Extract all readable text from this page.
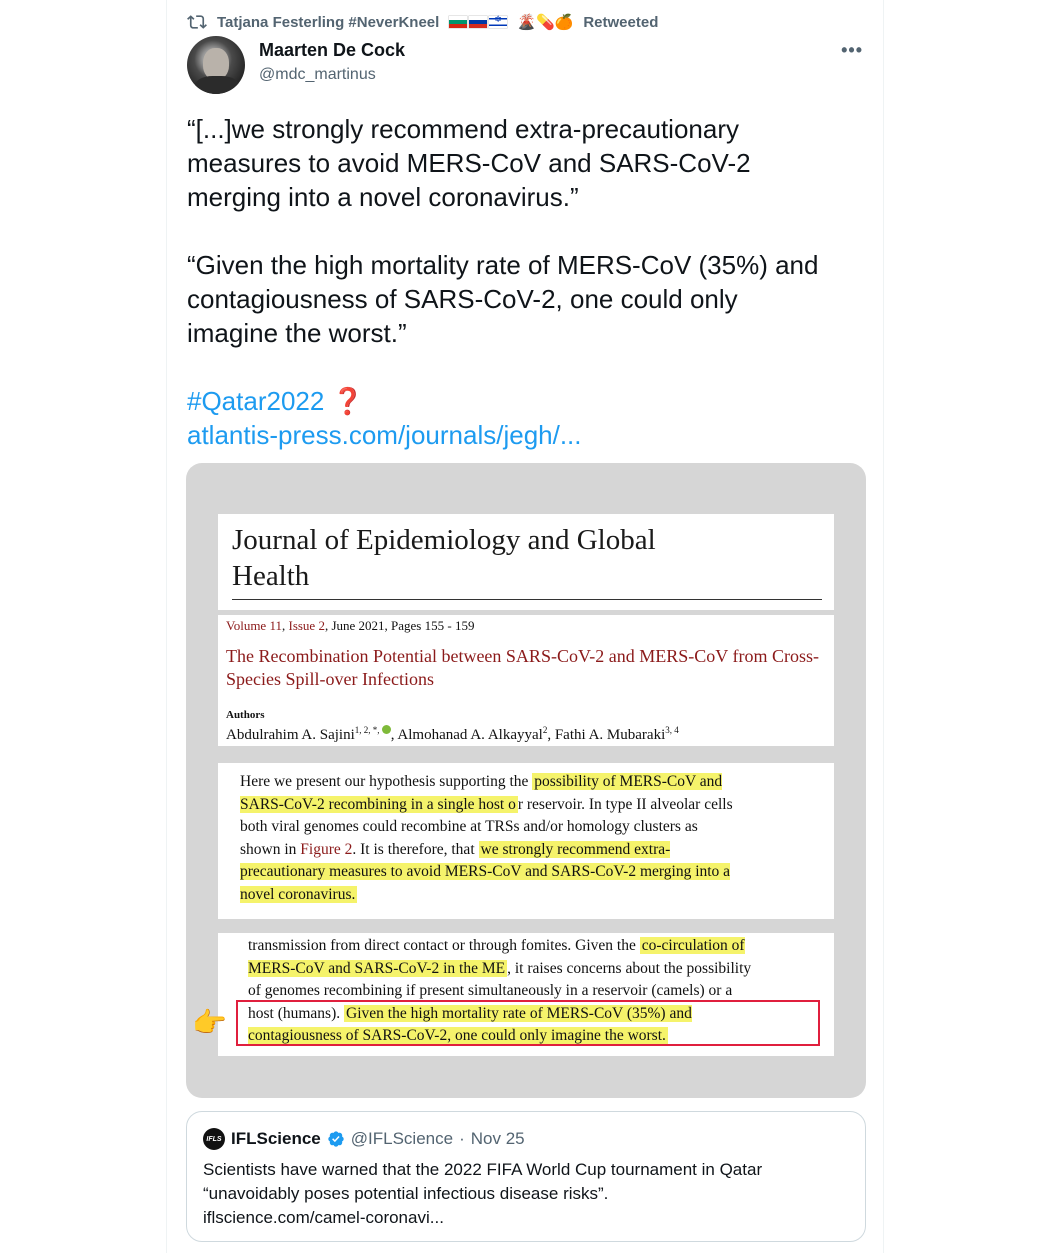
Tatjana Festerling #NeverKneel
✡	🌋💊🍊 Retweeted
Maarten De Cock
@mdc_martinus
•••

“[...]we strongly recommend extra-precautionary
measures to avoid MERS-CoV and SARS-CoV-2
merging into a novel coronavirus.”

“Given the high mortality rate of MERS-CoV (35%) and
contagiousness of SARS-CoV-2, one could only
imagine the worst.”

#Qatar2022 ❓
atlantis-press.com/journals/jegh/...
Journal of Epidemiology and Global
Health
Volume 11, Issue 2, June 2021, Pages 155 - 159
The Recombination Potential between SARS-CoV-2 and MERS-CoV from Cross-Species Spill-over Infections
Authors
Abdulrahim A. Sajini$^{1, 2, *,}$ , Almohanad A. Alkayyal$^2$, Fathi A. Mubaraki$^{3, 4}$
Here we present our hypothesis supporting the possibility of MERS-CoV and
SARS-CoV-2 recombining in a single host o r reservoir. In type II alveolar cells
both viral genomes could recombine at TRSs and/or homology clusters as
shown in Figure 2. It is therefore, that we strongly recommend extra-
precautionary measures to avoid MERS-CoV and SARS-CoV-2 merging into a
novel coronavirus.
transmission from direct contact or through fomites. Given the co-circulation of
MERS-CoV and SARS-CoV-2 in the ME , it raises concerns about the possibility
of genomes recombining if present simultaneously in a reservoir (camels) or a
host (humans). Given the high mortality rate of MERS-CoV (35%) and
contagiousness of SARS-CoV-2, one could only imagine the worst.
👉
IFLS IFLScience @IFLScience · Nov 25
Scientists have warned that the 2022 FIFA World Cup tournament in Qatar
“unavoidably poses potential infectious disease risks”.
iflscience.com/camel-coronavi...
